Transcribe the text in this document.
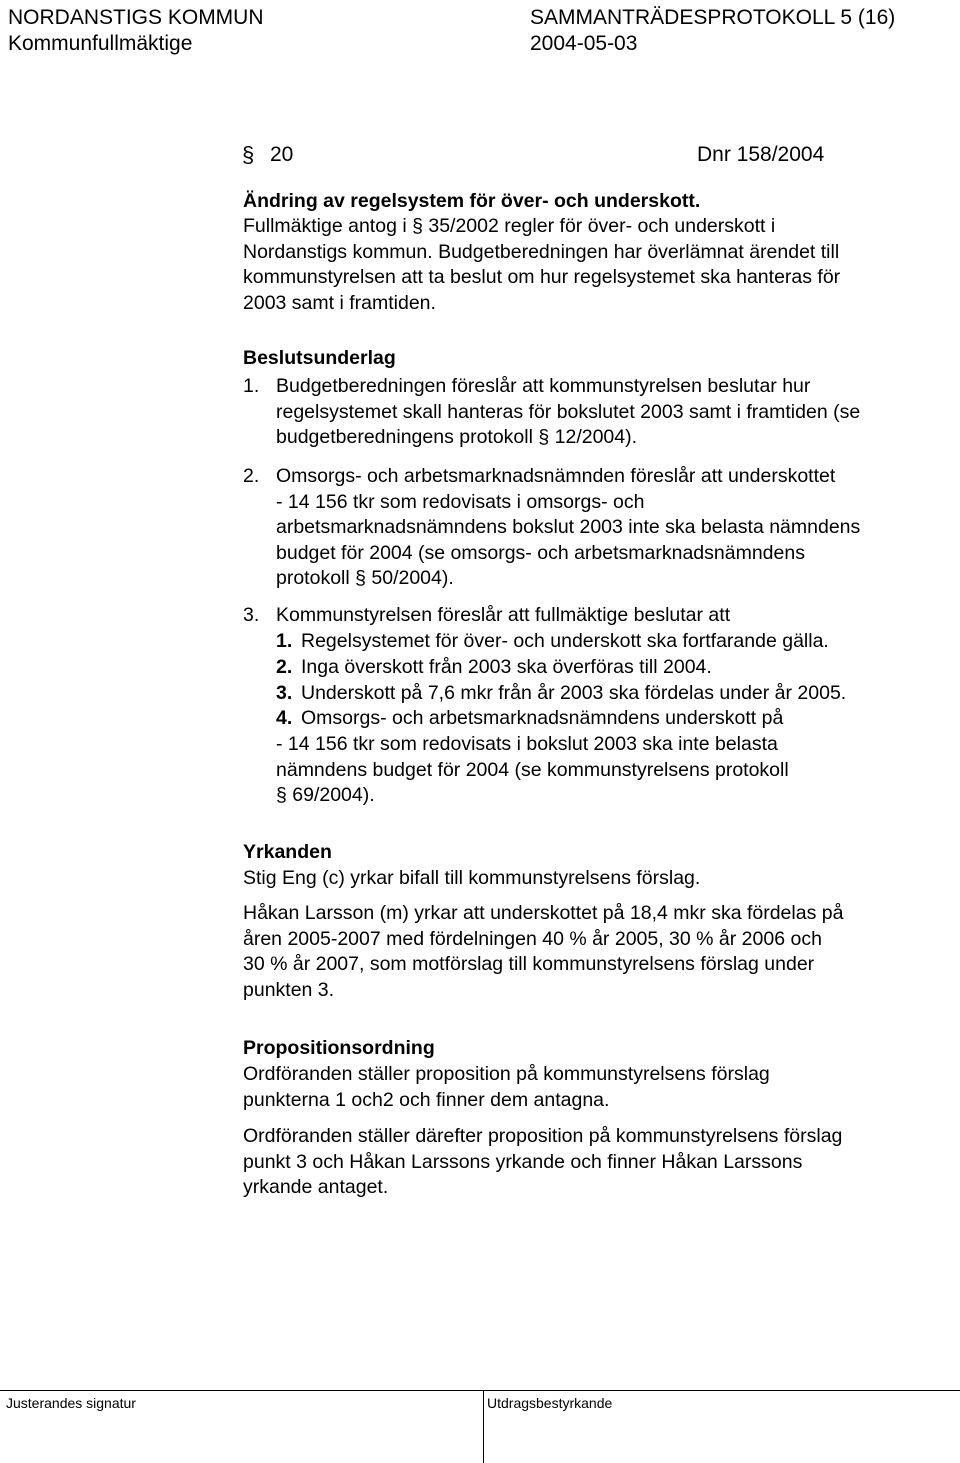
NORDANSTIGS KOMMUN	SAMMANTRÄDESPROTOKOLL 5 (16)
Kommunfullmäktige	2004-05-03
§ 20	Dnr 158/2004
Ändring av regelsystem för över- och underskott.
Fullmäktige antog i § 35/2002 regler för över- och underskott i
Nordanstigs kommun. Budgetberedningen har överlämnat ärendet till
kommunstyrelsen att ta beslut om hur regelsystemet ska hanteras för
2003 samt i framtiden.
Beslutsunderlag
1. Budgetberedningen föreslår att kommunstyrelsen beslutar hur
regelsystemet skall hanteras för bokslutet 2003 samt i framtiden (se
budgetberedningens protokoll § 12/2004).
2. Omsorgs- och arbetsmarknadsnämnden föreslår att underskottet
- 14 156 tkr som redovisats i omsorgs- och
arbetsmarknadsnämndens bokslut 2003 inte ska belasta nämndens
budget för 2004 (se omsorgs- och arbetsmarknadsnämndens
protokoll § 50/2004).
3. Kommunstyrelsen föreslår att fullmäktige beslutar att
1. Regelsystemet för över- och underskott ska fortfarande gälla.
2. Inga överskott från 2003 ska överföras till 2004.
3. Underskott på 7,6 mkr från år 2003 ska fördelas under år 2005.
4. Omsorgs- och arbetsmarknadsnämndens underskott på
- 14 156 tkr som redovisats i bokslut 2003 ska inte belasta
nämndens budget för 2004 (se kommunstyrelsens protokoll
§ 69/2004).
Yrkanden
Stig Eng (c) yrkar bifall till kommunstyrelsens förslag.
Håkan Larsson (m) yrkar att underskottet på 18,4 mkr ska fördelas på
åren 2005-2007 med fördelningen 40 % år 2005, 30 % år 2006 och
30 % år 2007, som motförslag till kommunstyrelsens förslag under
punkten 3.
Propositionsordning
Ordföranden ställer proposition på kommunstyrelsens förslag
punkterna 1 och2 och finner dem antagna.
Ordföranden ställer därefter proposition på kommunstyrelsens förslag
punkt 3 och Håkan Larssons yrkande och finner Håkan Larssons
yrkande antaget.
Justerandes signatur	Utdragsbestyrkande
